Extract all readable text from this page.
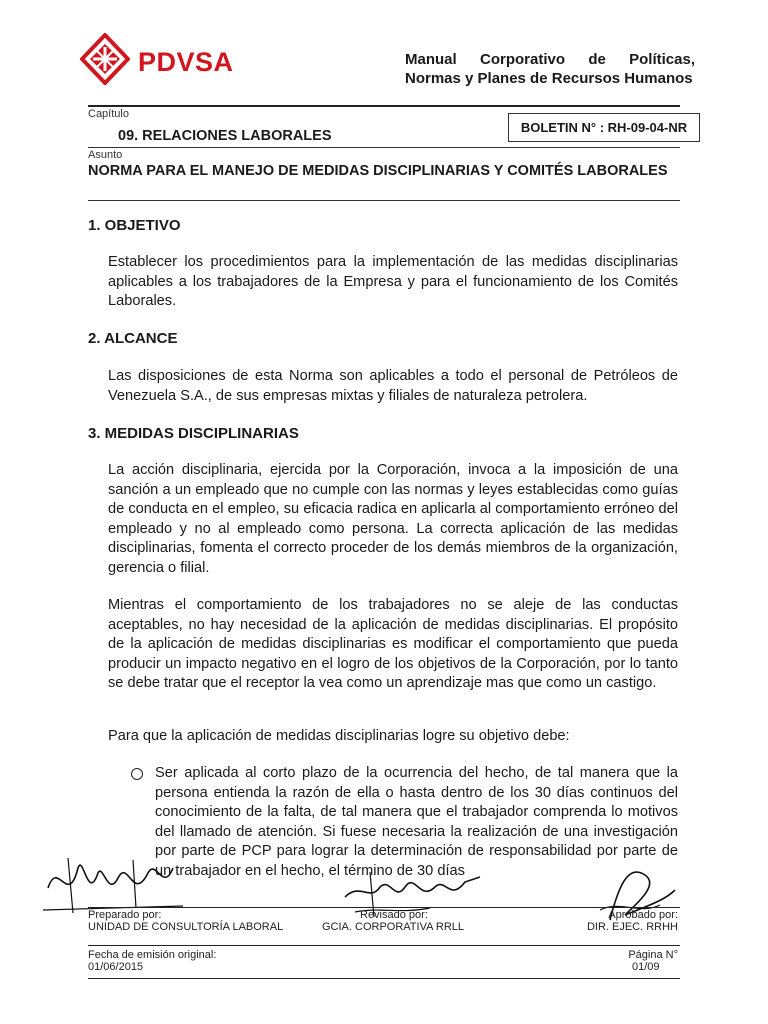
PDVSA	Manual Corporativo de Políticas,
Normas y Planes de Recursos Humanos
Capítulo
09. RELACIONES LABORALES
BOLETIN N° : RH-09-04-NR
Asunto
NORMA PARA EL MANEJO DE MEDIDAS DISCIPLINARIAS Y COMITÉS LABORALES
1. OBJETIVO
Establecer los procedimientos para la implementación de las medidas disciplinarias aplicables a los trabajadores de la Empresa y para el funcionamiento de los Comités Laborales.
2. ALCANCE
Las disposiciones de esta Norma son aplicables a todo el personal de Petróleos de Venezuela S.A., de sus empresas mixtas y filiales de naturaleza petrolera.
3. MEDIDAS DISCIPLINARIAS
La acción disciplinaria, ejercida por la Corporación, invoca a la imposición de una sanción a un empleado que no cumple con las normas y leyes establecidas como guías de conducta en el empleo, su eficacia radica en aplicarla al comportamiento erróneo del empleado y no al empleado como persona. La correcta aplicación de las medidas disciplinarias, fomenta el correcto proceder de los demás miembros de la organización, gerencia o filial.
Mientras el comportamiento de los trabajadores no se aleje de las conductas aceptables, no hay necesidad de la aplicación de medidas disciplinarias. El propósito de la aplicación de medidas disciplinarias es modificar el comportamiento que pueda producir un impacto negativo en el logro de los objetivos de la Corporación, por lo tanto se debe tratar que el receptor la vea como un aprendizaje mas que como un castigo.
Para que la aplicación de medidas disciplinarias logre su objetivo debe:
Ser aplicada al corto plazo de la ocurrencia del hecho, de tal manera que la persona entienda la razón de ella o hasta dentro de los 30 días continuos del conocimiento de la falta, de tal manera que el trabajador comprenda lo motivos del llamado de atención. Si fuese necesaria la realización de una investigación por parte de PCP para lograr la determinación de responsabilidad por parte de un trabajador en el hecho, el término de 30 días
Preparado por:
UNIDAD DE CONSULTORÍA LABORAL
Revisado por:
GCIA. CORPORATIVA RRLL
Aprobado por:
DIR. EJEC. RRHH
Fecha de emisión original:
01/06/2015
Página N°
01/09
